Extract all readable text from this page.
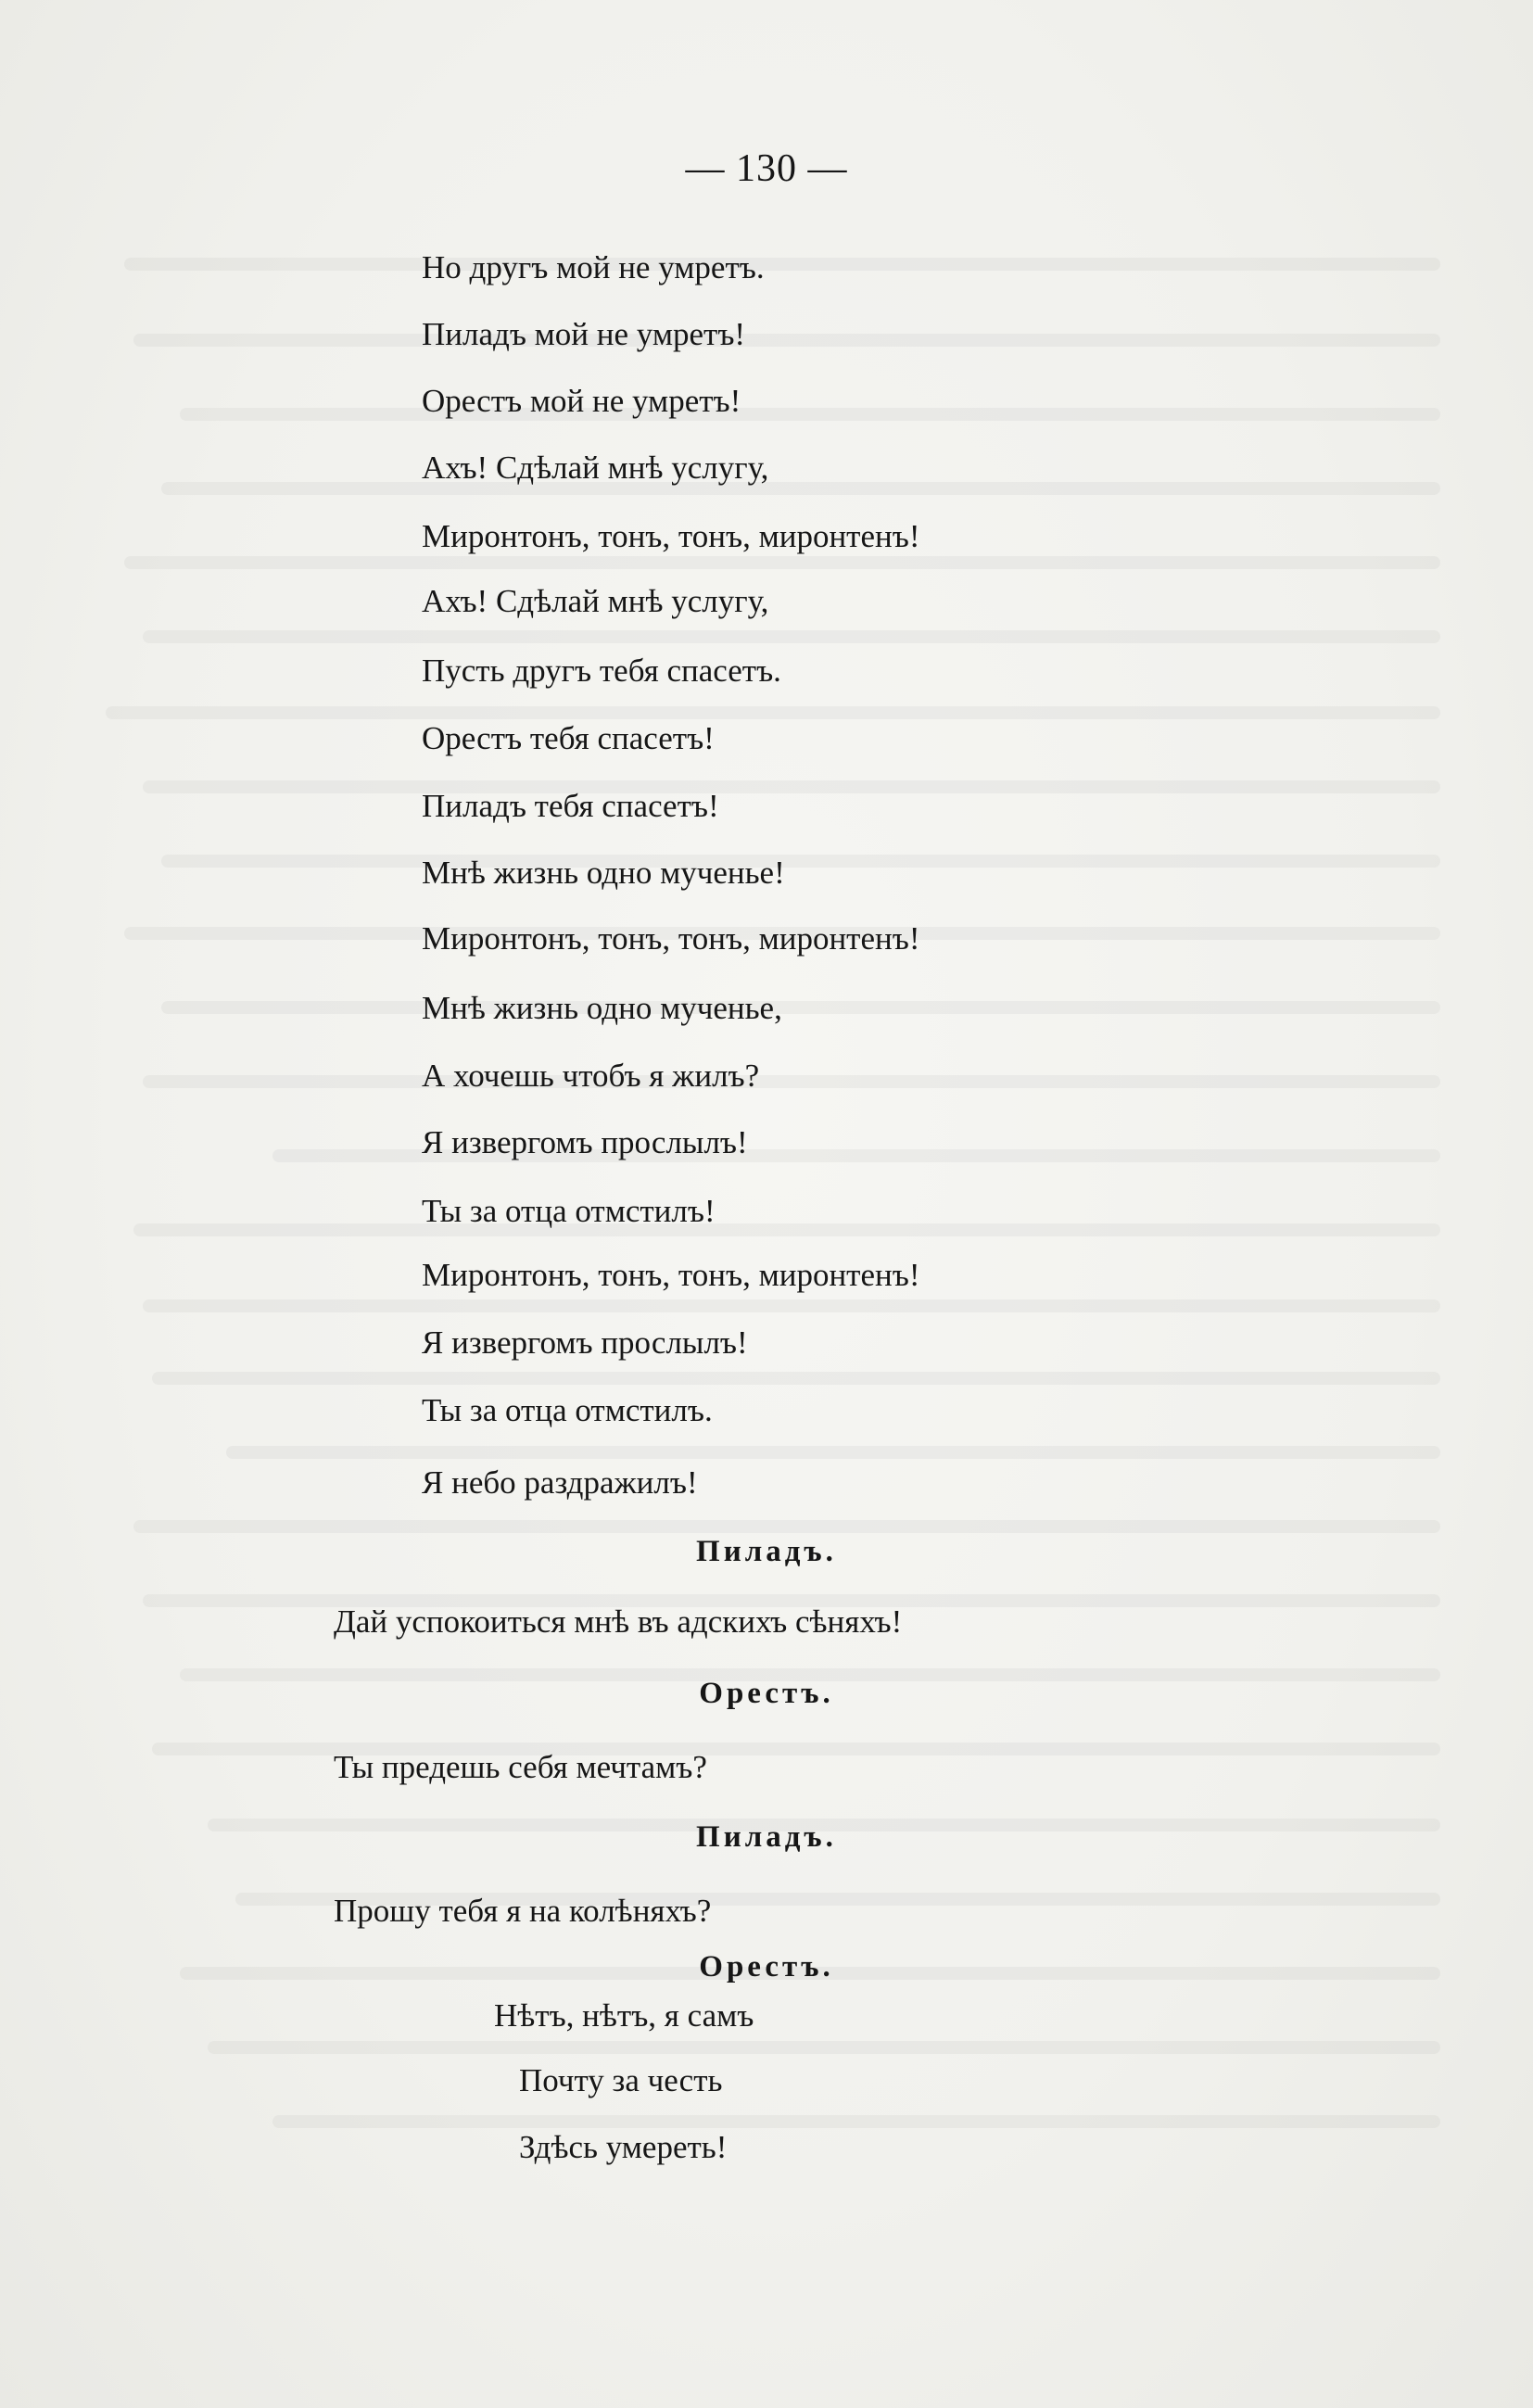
— 130 —
Но другъ мой не умретъ.
Пиладъ мой не умретъ!
Орестъ мой не умретъ!
Ахъ! Сдѣлай мнѣ услугу,
Миронтонъ, тонъ, тонъ, миронтенъ!
Ахъ! Сдѣлай мнѣ услугу,
Пусть другъ тебя спасетъ.
Орестъ тебя спасетъ!
Пиладъ тебя спасетъ!
Мнѣ жизнь одно мученье!
Миронтонъ, тонъ, тонъ, миронтенъ!
Мнѣ жизнь одно мученье,
А хочешь чтобъ я жилъ?
Я извергомъ прослылъ!
Ты за отца отмстилъ!
Миронтонъ, тонъ, тонъ, миронтенъ!
Я извергомъ прослылъ!
Ты за отца отмстилъ.
Я небо раздражилъ!
Пиладъ.
Дай успокоиться мнѣ въ адскихъ сѣняхъ!
Орестъ.
Ты предешь себя мечтамъ?
Пиладъ.
Прошу тебя я на колѣняхъ?
Орестъ.
Нѣтъ, нѣтъ, я самъ
Почту за честь
Здѣсь умереть!
